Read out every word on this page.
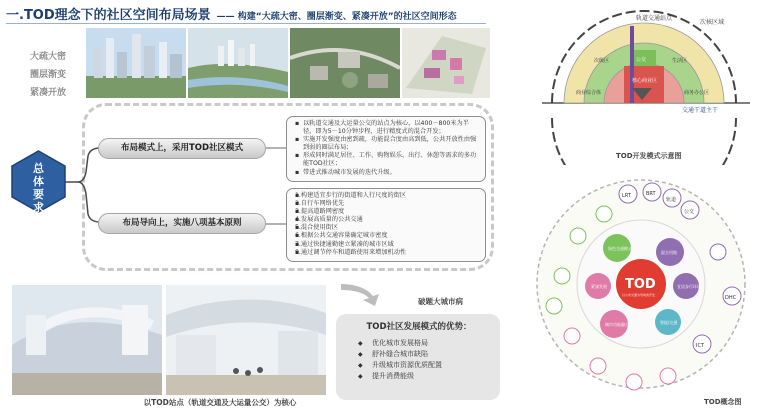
一.TOD理念下的社区空间布局场景 —— 构建“大疏大密、圈层渐变、紧凑开放”的社区空间形态
大疏大密
圈层渐变
紧凑开放
总
体
要
求
布局模式上，采用TOD社区模式
布局导向上，实施八项基本原则
▪ 以轨道交通及大运量公交的站点为核心，以400－800米为半径，即为5－10分钟步程，进行精度式的混合开发；
▪ 实施开发强度由密到疏，功能混合度由高到低，公共开放性由强到弱的圈层布局；
▪ 形成同时满足居住、工作、购物娱乐、出行、休憩等需求的多功能TOD社区；
▪ 带进式推动城市发展的迭代升级。
▪ 1.构建适宜步行的街道和人行尺度的街区
▪ 2.自行车网络优先
▪ 3.提高道路网密度
▪ 4.发展高质量的公共交通
▪ 5.混合使用街区
▪ 6.根据公共交通容量确定城市密度
▪ 7.通过快捷通勤建立紧凑的城市区域
▪ 8.通过调节停车和道路使用来增加机动性
以TOD站点（轨道交通及大运量公交）为核心
破题大城市病
TOD社区发展模式的优势：
◆ 优化城市发展格局
◆ 舒补缝合城市缺陷
◆ 升级城市资源优质配置
◆ 提升消费能级
轨道交通站点
次核区域
商业综合体
次级区	生活区
核心商业区
公交
商务办公区
交通干道主干
TOD开发模式示意图
TOD
以公共交通为导向的开发
绿色交通模式
紧凑发展
城市功能融合	智能/交通
宜居步行环境
混合用地
LRT	BRT
轨道
公交
DHC
ICT
TOD概念图
